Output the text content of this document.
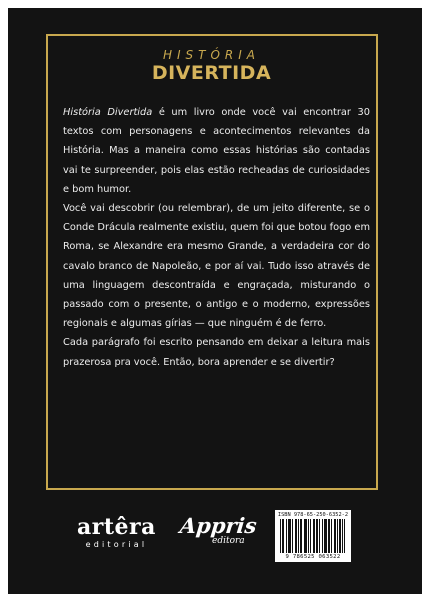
HISTÓRIA
DIVERTIDA

História Divertida é um livro onde você vai encontrar 30 textos com personagens e acontecimentos relevantes da História. Mas a maneira como essas histórias são contadas vai te surpreender, pois elas estão recheadas de curiosidades e bom humor.

Você vai descobrir (ou relembrar), de um jeito diferente, se o Conde Drácula realmente existiu, quem foi que botou fogo em Roma, se Alexandre era mesmo Grande, a verdadeira cor do cavalo branco de Napoleão, e por aí vai. Tudo isso através de uma linguagem descontraída e engraçada, misturando o passado com o presente, o antigo e o moderno, expressões regionais e algumas gírias — que ninguém é de ferro.

Cada parágrafo foi escrito pensando em deixar a leitura mais prazerosa pra você. Então, bora aprender e se divertir?

artêra
editorial
Appris
editora
ISBN 978-65-250-6352-2
9 786525 063522
